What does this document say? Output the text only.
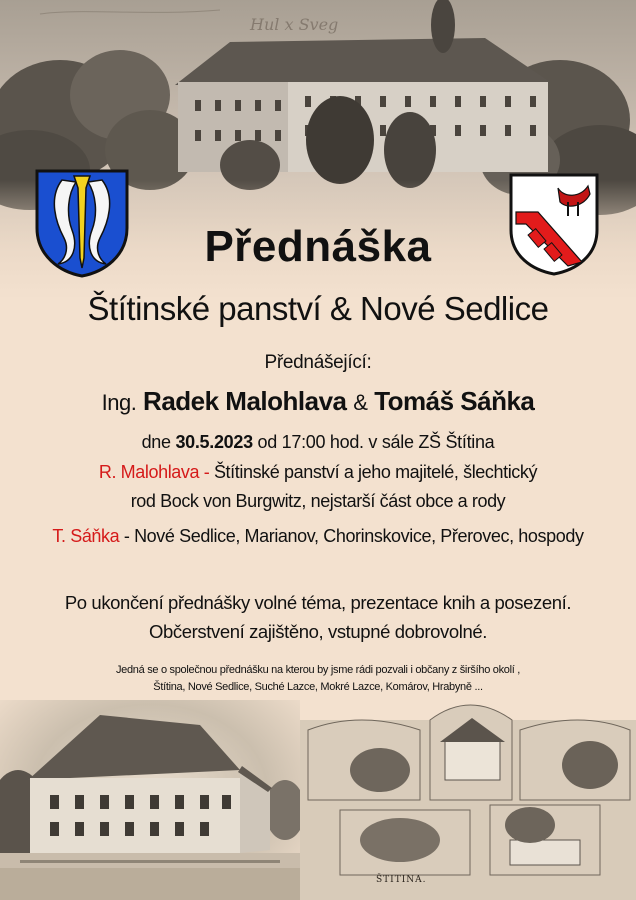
Hul x Sveg
Přednáška
Štítinské panství & Nové Sedlice
Přednášející:
Ing. Radek Malohlava & Tomáš Sáňka
dne 30.5.2023 od 17:00 hod. v sále ZŠ Štítina
R. Malohlava - Štítinské panství a jeho majitelé, šlechtický
rod Bock von Burgwitz, nejstarší část obce a rody
T. Sáňka - Nové Sedlice, Marianov, Chorinskovice, Přerovec, hospody
Po ukončení přednášky volné téma, prezentace knih a posezení.
Občerstvení zajištěno, vstupné dobrovolné.
Jedná se o společnou přednášku na kterou by jsme rádi pozvali i občany z širšího okolí ,
Štítina, Nové Sedlice, Suché Lazce, Mokré Lazce, Komárov, Hrabyně ...
ŠTITINA.
